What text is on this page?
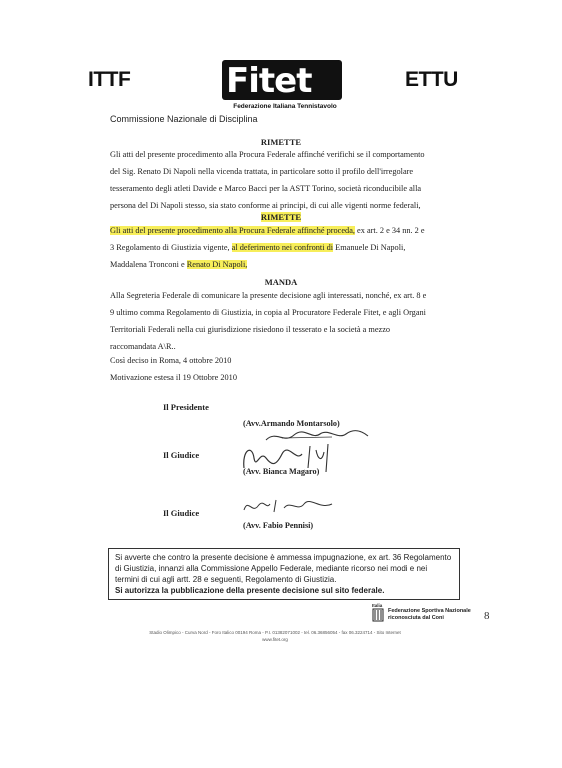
ITTF	ETTU
Fitet
Federazione Italiana Tennistavolo
Commissione Nazionale di Disciplina
RIMETTE
Gli atti del presente procedimento alla Procura Federale affinché verifichi se il comportamento
del Sig. Renato Di Napoli nella vicenda trattata, in particolare sotto il profilo dell'irregolare
tesseramento degli atleti Davide e Marco Bacci per la ASTT Torino, società riconducibile alla
persona del Di Napoli stesso, sia stato conforme ai principi, di cui alle vigenti norme federali,
RIMETTE
Gli atti del presente procedimento alla Procura Federale affinché proceda, ex art. 2 e 34 nn. 2 e
3 Regolamento di Giustizia vigente, al deferimento nei confronti di Emanuele Di Napoli,
Maddalena Tronconi e Renato Di Napoli,
MANDA
Alla Segreteria Federale di comunicare la presente decisione agli interessati, nonché, ex art. 8 e
9 ultimo comma Regolamento di Giustizia, in copia al Procuratore Federale Fitet, e agli Organi
Territoriali Federali nella cui giurisdizione risiedono il tesserato e la società a mezzo
raccomandata A\R..
Così deciso in Roma, 4 ottobre 2010
Motivazione estesa il 19 Ottobre 2010
Il Presidente
(Avv.Armando Montarsolo)
Il Giudice
(Avv. Bianca Magaro)
Il Giudice
(Avv. Fabio Pennisi)
Si avverte che contro la presente decisione è ammessa impugnazione, ex art. 36 Regolamento
di Giustizia, innanzi alla Commissione Appello Federale, mediante ricorso nei modi e nei
termini di cui agli artt. 28 e seguenti, Regolamento di Giustizia.
Si autorizza la pubblicazione della presente decisione sul sito federale.
Italia
Federazione Sportiva Nazionale
riconosciuta dal Coni	8
Stadio Olimpico - Curva Nord - Foro Italico 00194 Roma - P.I. 01382071002 - tel. 06.36856054 - fax 06.3224714 - Sito Internet
www.fitet.org
